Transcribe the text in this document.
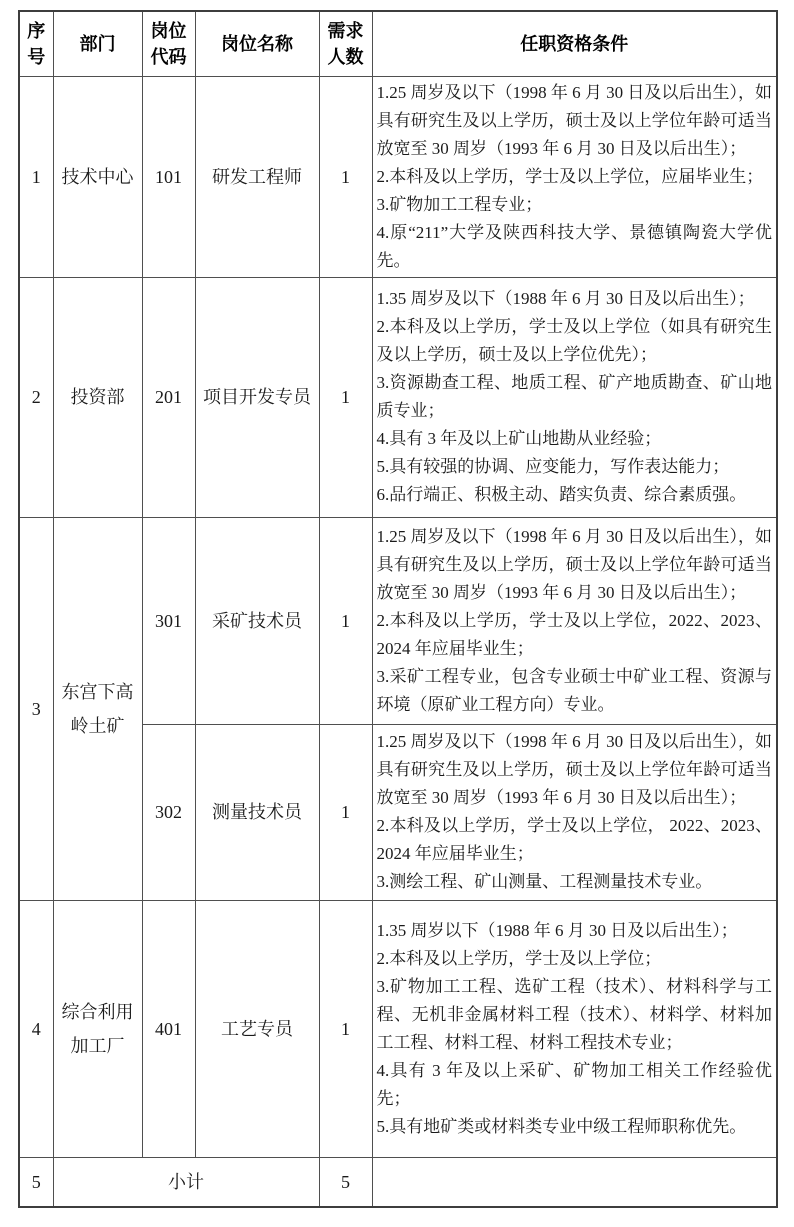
序号	部门	岗位代码	岗位名称	需求人数	任职资格条件
1	技术中心	101	研发工程师	1	1.25 周岁及以下（1998 年 6 月 30 日及以后出生），如具有研究生及以上学历，硕士及以上学位年龄可适当放宽至 30 周岁（1993 年 6 月 30 日及以后出生）；
2.本科及以上学历，学士及以上学位，应届毕业生；
3.矿物加工工程专业；
4.原“211”大学及陕西科技大学、景德镇陶瓷大学优先。

2	投资部	201	项目开发专员	1	
1.35 周岁及以下（1988 年 6 月 30 日及以后出生）；
2.本科及以上学历，学士及以上学位（如具有研究生及以上学历，硕士及以上学位优先）；
3.资源勘查工程、地质工程、矿产地质勘查、矿山地质专业；
4.具有 3 年及以上矿山地勘从业经验；
5.具有较强的协调、应变能力，写作表达能力；
6.品行端正、积极主动、踏实负责、综合素质强。

3	东宫下高岭土矿	301	采矿技术员	1	1.25 周岁及以下（1998 年 6 月 30 日及以后出生），如具有研究生及以上学历，硕士及以上学位年龄可适当放宽至 30 周岁（1993 年 6 月 30 日及以后出生）；
2.本科及以上学历，学士及以上学位，2022、2023、2024 年应届毕业生；
3.采矿工程专业，包含专业硕士中矿业工程、资源与环境（原矿业工程方向）专业。

		302	测量技术员	1	1.25 周岁及以下（1998 年 6 月 30 日及以后出生），如具有研究生及以上学历，硕士及以上学位年龄可适当放宽至 30 周岁（1993 年 6 月 30 日及以后出生）；
2.本科及以上学历，学士及以上学位， 2022、2023、2024 年应届毕业生；
3.测绘工程、矿山测量、工程测量技术专业。

4	综合利用加工厂	401	工艺专员	1	1.35 周岁以下（1988 年 6 月 30 日及以后出生）；
2.本科及以上学历，学士及以上学位；
3.矿物加工工程、选矿工程（技术）、材料科学与工程、无机非金属材料工程（技术）、材料学、材料加工工程、材料工程、材料工程技术专业；
4.具有 3 年及以上采矿、矿物加工相关工作经验优先；
5.具有地矿类或材料类专业中级工程师职称优先。

5	小计			5	
